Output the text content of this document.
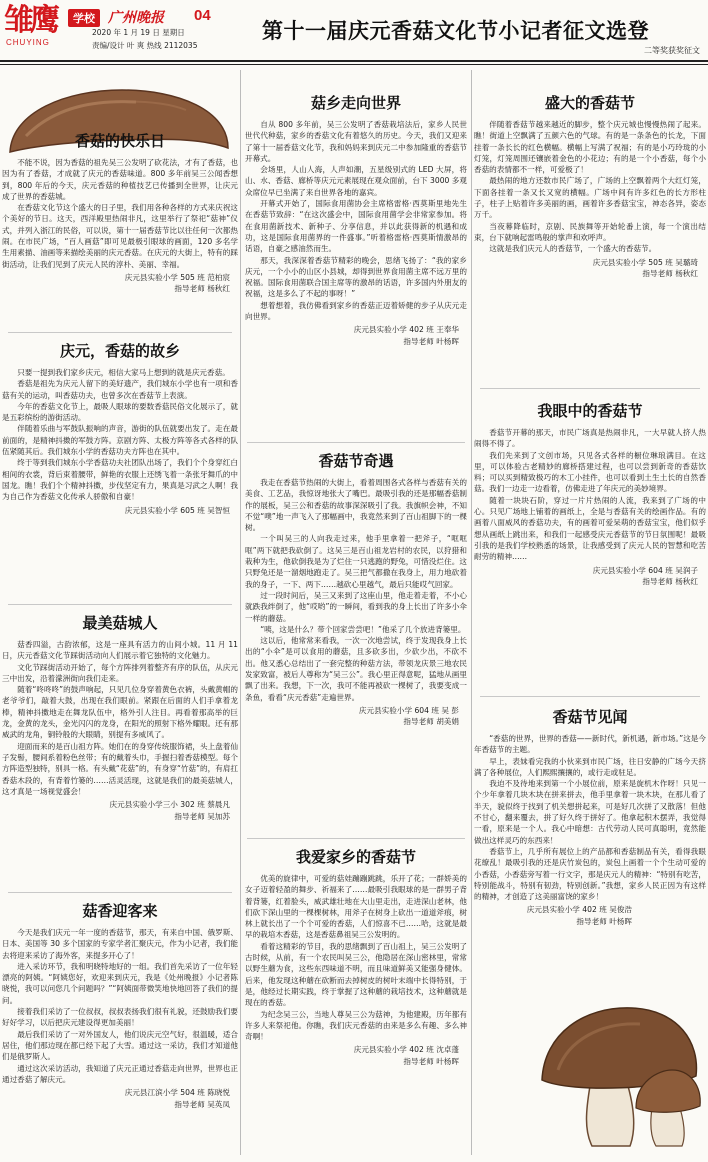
雏鹰
CHUYING
学校 广州晚报 04
2020 年 1 月 19 日 星期日
责编/设计 叶 爽 热线 2112035
第十一届庆元香菇文化节小记者征文选登
二等奖获奖征文
香菇的快乐日

不能不说，因为香菇的祖先吴三公发明了砍花法，才有了香菇，也因为有了香菇，才成就了庆元的香菇味道。800 多年前吴三公闻香想到，800 年后的今天，庆元香菇的种植技艺已传播到全世界，让庆元成了世界的香菇城。

在香菇文化节这个盛大的日子里，我们用各种各样的方式来庆祝这个美好的节日。这天，西洋殿里热闹非凡，这里举行了祭祀“菇神”仪式，并列入浙江的民俗，可以说，第十一届香菇节比以往任何一次都热闹。在市民广场，“百人画菇”即可见最极引眼球的画面，120 多名学生用素描、油画等来描绘美丽的庆元香菇。在庆元的大街上，特有的踩街活动，让我们见到了庆元人民的淳朴、美丽、幸福。

庆元县实验小学 505 班 范柏宸
指导老师 杨秋红
庆元，香菇的故乡

只要一提到我们家乡庆元，相信大家马上想到的就是庆元香菇。

香菇是祖先为庆元人留下的美好遗产，我们城东小学也有一项和香菇有关的运动，叫香菇功夫，也曾多次在香菇节上表演。

今年的香菇文化节上，最吸人眼球的要数香菇民俗文化展示了，就是五彩缤纷的游街活动。

伴随着乐曲与军鼓队振响的声音，游街的队伍就要出发了。走在最前面的，是精神抖擞的军鼓方阵。京剧方阵、太极方阵等各式各样的队伍紧随其后。我们城东小学的香菇功夫方阵也在其中。

终于等到我们城东小学香菇功夫社团队出场了，我们个个身穿红白相间的衣裳，背后束着腰带，鲜艳的衣服上还绣飞着一条张牙舞爪的中国龙。瞧！我们个个精神抖擞，步伐坚定有力，果真是习武之人啊！我为自己作为香菇文化传承人骄傲和自豪！

庆元县实验小学 605 班 吴智恒
最美菇城人

菇香四溢，古韵浓郁，这是一座具有活力的山间小城。11 月 11 日，庆元香菇文化节踩街活动向人们展示着它独特的文化魅力。

文化节踩街活动开始了，每个方阵排列着整齐有序的队伍，从庆元三中出发，沿着濛洲街向我们走来。

随着“咚咚咚”的鼓声响起，只见几位身穿着黄色衣裤，头戴黄帽的老爷爷们，敲着大鼓，出现在我们眼前。紧跟在后面的人们手拿着龙棒，精神抖擞地走在舞龙队伍中，格外引人注目。再看着那高举的巨龙，金黄的龙头，金光闪闪的龙身，在阳光的照射下格外耀眼。还有那威武的龙角，铜铃般的大眼睛，别提有多威风了。

迎面而来的是百山祖方阵。她们在的身穿传统服饰裙，头上盘着仙子发髻，腰间系着粉色丝带；有的戴着头巾，手握扫着香菇模型。每个方阵造型独特，别具一格。有头戴“花菇”的，有身穿“竹菇”的，有肩扛香菇木段的，有背着竹篓的……活灵活现，这就是我们的最美菇城人，这才真是一场视觉盛会！

庆元县实验小学三小 302 班 蔡晨凡
指导老师 吴加苏
菇香迎客来

今天是我们庆元一年一度的香菇节，那天，有来自中国、俄罗斯、日本、美国等 30 多个国家的专家学者汇聚庆元，作为小记者，我们能去将迎来采访了海外客，来提多开心了！

进入采访环节，我和明晓特地好的一组。我们首先采访了一位年轻漂亮的阿姨。“阿姨您好，欢迎来到庆元，我是《处州晚报》小记者陈晓悦，我可以问您几个问题吗？”“阿姨面带微笑地快地回答了我们的提问。

接着我们采访了一位叔叔，叔叔表扬我们很有礼貌，还鼓励我们要好好学习，以后把庆元建设得更加美丽！

最后我们采访了一对外国友人，他们说庆元空气好，很温暖，适合居住，他们那边现在都已经下起了大雪。通过这一采访，我们才知道他们是俄罗斯人。

通过这次采访活动，我知道了庆元正通过香菇走向世界，世界也正通过香菇了解庆元。

庆元县江滨小学 504 班 陈晓悦
指导老师 吴英凤
菇乡走向世界

自从 800 多年前，吴三公发明了香菇栽培法后，家乡人民世世代代种菇，家乡的香菇文化有着悠久的历史。今天，我们又迎来了第十一届香菇文化节，我和妈妈来到庆元二中参加隆重的香菇节开幕式。

会场里，人山人海，人声如潮，五星级别式的 LED 大屏，将山、水、香菇、廊桥等庆元元素展现在观众面前，台下 3000 多观众席位早已坐满了来自世界各地的嘉宾。

开幕式开始了，国际食用菌协会主席格雷格·西莫斯里地先生在香菇节致辞：“在这次盛会中，国际食用菌学会非常家参加。将在食用菌新技术、新种子、分享信息，并以此获得新的机遇和成功，这是国际食用菌界的一件盛事。”听着格雷格·西莫斯情激昂的话语，自豪之感油然而生。

那天，我深深着香菇节精彩的晚会，思绪飞扬了：“我的家乡庆元，一个小小的山区小县城，却得到世界食用菌主席不远万里的祝福。国际食用菌联合国主席等的激昂的话语，许多国内外朋友的祝福，这是多么了不起的事呀！”

想着想着，我仿佛看到家乡的香菇正迈着矫健的步子从庆元走向世界。

庆元县实验小学 402 班 王奉华
指导老师 叶杨晖
香菇节奇遇

我走在香菇节热闹的大街上，看着周围各式各样与香菇有关的美食、工艺品，我惊讶地张大了嘴巴。最吸引我的还是那幅香菇制作的展板，吴三公和香菇的故事深深吸引了我。我旗帜会神，不知不觉“噗”地一声飞入了那幅画中，我竟然来到了百山祖脚下的一棵树。

一个叫吴三的人向我走过来，他手里拿着一把斧子，“哐哐哐”两下就把我砍倒了。这吴三是百山祖龙岩村的农民，以狩猎和栽种为生，他砍倒我是为了烂住一只逃跑的野兔，可惜没烂住。这只野兔还是一溜烟地跑走了。吴三把气都撒在我身上，用力地砍着我的身子，一下、两下……越砍心里越气，最后只能哎气回家。

过一段时间后，吴三又来到了这座山里，他走着走着，不小心就跌我绊倒了，他“哎哟”的一瞬间，看到我的身上长出了许多小伞一样的蘑菇。

“咦，这是什么？带个回家尝尝吧！”他采了几个放进背篓里。

这以后，他常常来看我，一次一次地尝试，终于发现我身上长出的“小伞”是可以食用的蘑菇，且多砍多出，少砍少出，不砍不出。他又悉心总结出了一套完整的种菇方法，带领龙庆景三地农民发家致富，被后人尊称为“吴三公”。我心里正得意呢，猛地从画里飘了出来。我想，下一次，我可不能再被砍一棵树了，我要变成一条鱼，看看“庆元香菇”走遍世界。

庆元县实验小学 604 班 吴 彭
指导老师 胡美娟
我爱家乡的香菇节

优美的旋律中，可爱的菇娃蹦蹦跳跳，乐开了花；一群娇美的女子迈着轻盈的舞步、祈福来了……最吸引我眼球的是一群男子背着背篓，红着脸头，威武雄壮地在大山里走出，走进深山老林，他们砍下深山里的一棵棵树林，用斧子在树身上砍出一道道斧痕，树林上就长出了一个个可爱的香菇，人们惊喜不已……哈，这就是最早的栽培木香菇，这是香菇鼻祖吴三公发明的。

看着这精彩的节目，我的思绪飘到了百山祖上，吴三公发明了古时候，从前，有一个农民叫吴三公，他隐居在深山密林里，常常以野生蘑为食，这些东西味道不明，而且味道鲜美又能强身健体。后来，他发现这种蘑在砍断而去掉树皮的树叶末端中长得特别，于是，他经过长期实践，终于掌握了这种蘑的栽培技术，这种蘑就是现在的香菇。

为纪念吴三公，当地人尊吴三公为菇神，为他建殿，历年都有许多人来祭祀他。你瞧，我们庆元香菇的由来是多么有趣、多么神奇啊！

庆元县实验小学 402 班 沈卓蓬
指导老师 叶杨晖
盛大的香菇节

伴随着香菇节越来越近的脚步，整个庆元城也慢慢热闹了起来。瞧！街道上空飘满了五颜六色的气球。有的是一条条色的长龙，下面挂着一条长长的红色横幅。横幅上写满了祝福；有的是小巧玲珑的小灯笼，灯笼周围还镶嵌着金色的小花边；有的是一个小香菇，每个小香菇的表情都不一样，可爱极了！

最热闹的地方还数市民广场了，广场的上空飘着两个大红灯笼，下面各挂着一条又长又宽的横幅。广场中间有许多红色的长方形柱子，柱子上贴着许多美丽的画，画着许多香菇宝宝，神态各异，姿态万千。

当夜幕降临时，京剧、民族舞等开始轮番上演，每一个演出结束，台下就响起雷鸣般的掌声和欢呼声。

这就是我们庆元人的香菇节，一个盛大的香菇节。

庆元县实验小学 505 班 吴璐琦
指导老师 杨秋红
我眼中的香菇节

香菇节开幕的那天，市民广场真是热闹非凡，一大早就人挤人热闹得不得了。

我们先来到了文创市场，只见各式各样的橱位琳琅满目。在这里，可以体验古老精妙的廊桥搭建过程，也可以尝到新奇的香菇饮料；可以买到精致极巧的木工小挂件，也可以看到土生土长的自然香菇。我们一边走一边看着，仿佛走进了年庆元的美妙境界。

随着一块块石阶，穿过一片片热闹的人流，我来到了广场的中心。只见广场地上铺着的画纸上，全是与香菇有关的绘画作品。有的画着八面威风的香菇功夫，有的画着可爱呆萌的香菇宝宝，他们似乎想从画纸上跳出来，和我们一起感受庆元香菇节的节日氛围呢！最吸引我的是我们学校熟悉的场景，让我感受到了庆元人民的智慧和吃苦耐劳的精神……

庆元县实验小学 604 班 吴润子
指导老师 杨秋红
香菇节见闻

“香菇的世界，世界的香菇——新时代，新机遇，新市场。”这是今年香菇节的主题。

早上，表妹看完我的小伙来到市民广场，往日安静的广场今天挤满了各种展位，人们熙熙攘攘的，或行走或驻足。

我迫不及待地来到第一个小展位前，原来是旋机木作呀！只见一个少年拿着几块木块在拼来拼去，他手里拿着一块木块，在那儿看了半天，貌似终于找到了机关想拼起来，可是好几次拼了又散落！但他不甘心，翻来覆去，拼了好久终于拼好了。他拿起积木摆弄，我觉得一看，原来是一个人。我心中暗想：古代劳动人民可真聪明，竟然能做出这样灵巧的东西来！

香菇节上，几乎所有展位上的产品都和香菇制品有关，看得我眼花缭乱！最吸引我的还是庆竹炭包的，炭包上画着一个个生动可爱的小香菇，小香菇旁写着一行文字，那是庆元人的精神：“特别有吃苦，特别能战斗，特别有韧劲，特别创新。”我想，家乡人民正因为有这样的精神，才创造了这美丽富饶的家乡！

庆元县实验小学 402 班 吴俊浩
指导老师 叶杨晖
